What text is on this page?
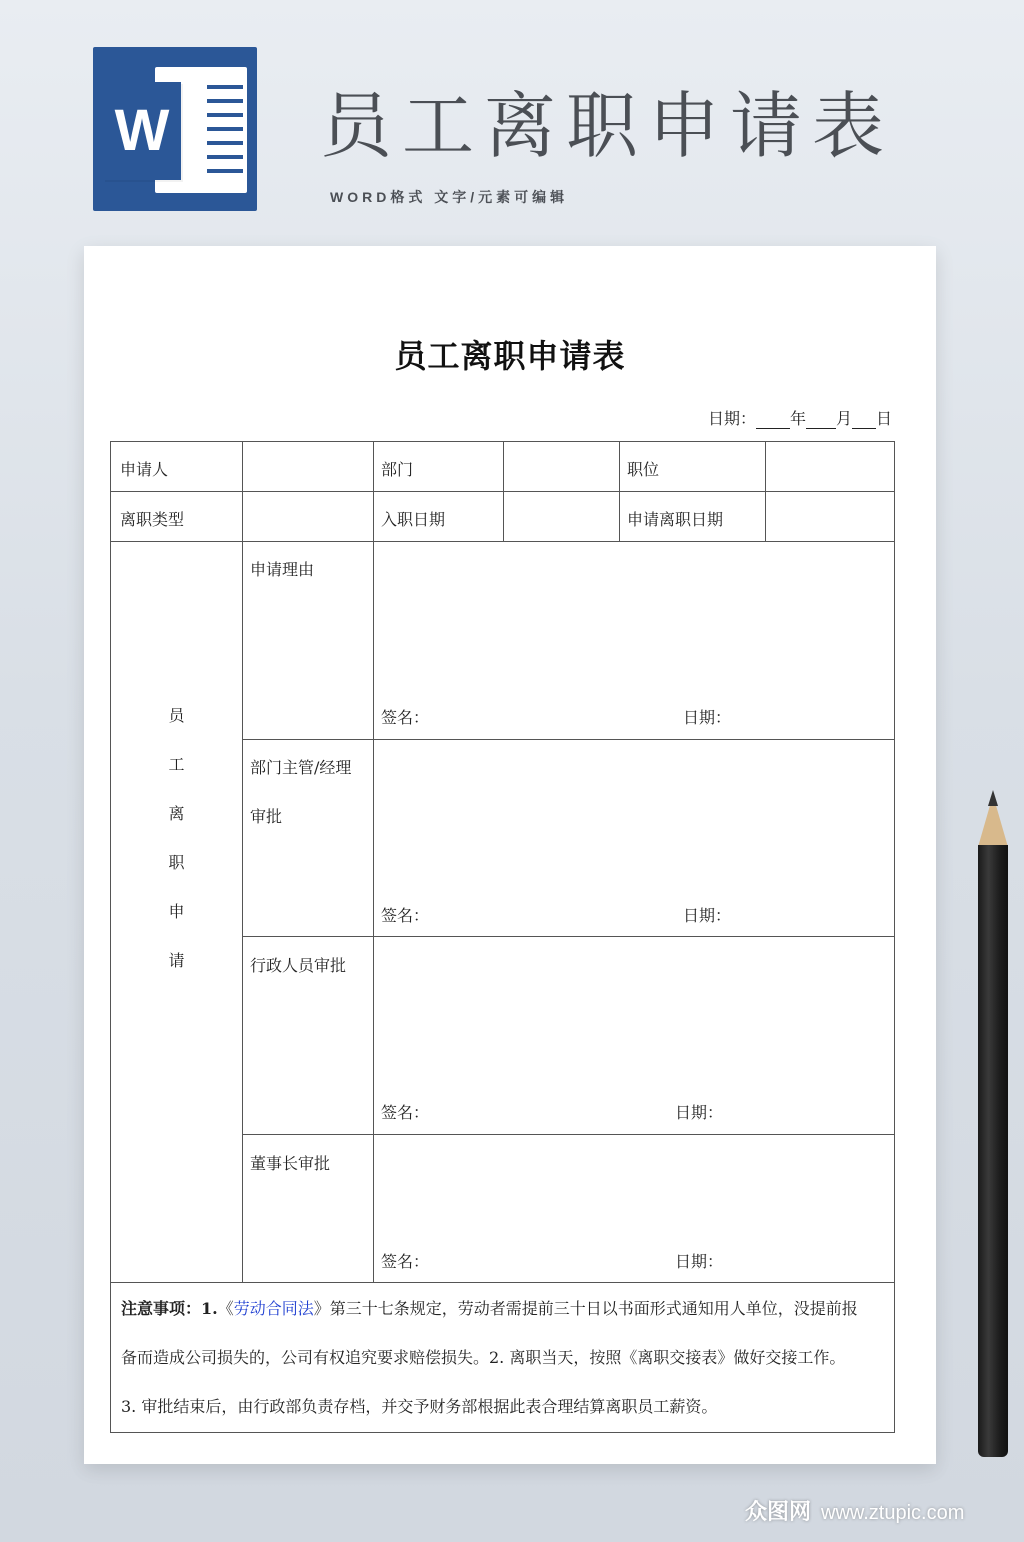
W 员工离职申请表
WORD格式 文字/元素可编辑
员工离职申请表
日期： 年 月 日
申请人	部门	职位
离职类型	入职日期	申请离职日期
员
工
离
职
申
请
申请理由
签名：	日期：
部门主管/经理
审批
签名：	日期：
行政人员审批
签名：	日期：
董事长审批
签名：	日期：
注意事项：1.《劳动合同法》第三十七条规定，劳动者需提前三十日以书面形式通知用人单位，没提前报
备而造成公司损失的，公司有权追究要求赔偿损失。2. 离职当天，按照《离职交接表》做好交接工作。
3. 审批结束后，由行政部负责存档，并交予财务部根据此表合理结算离职员工薪资。
众图网 www.ztupic.com
